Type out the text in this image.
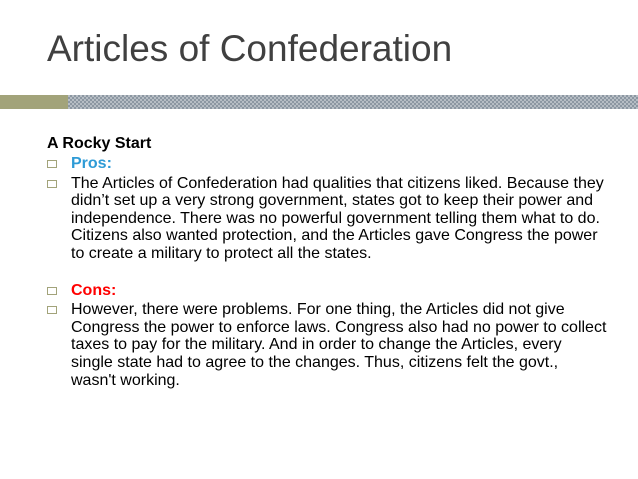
Articles of Confederation
A Rocky Start
Pros:
The Articles of Confederation had qualities that citizens liked. Because they didn’t set up a very strong government, states got to keep their power and independence. There was no powerful government telling them what to do. Citizens also wanted protection, and the Articles gave Congress the power to create a military to protect all the states.
Cons:
However, there were problems. For one thing, the Articles did not give Congress the power to enforce laws. Congress also had no power to collect taxes to pay for the military. And in order to change the Articles, every single state had to agree to the changes. Thus, citizens felt the govt., wasn't working.
